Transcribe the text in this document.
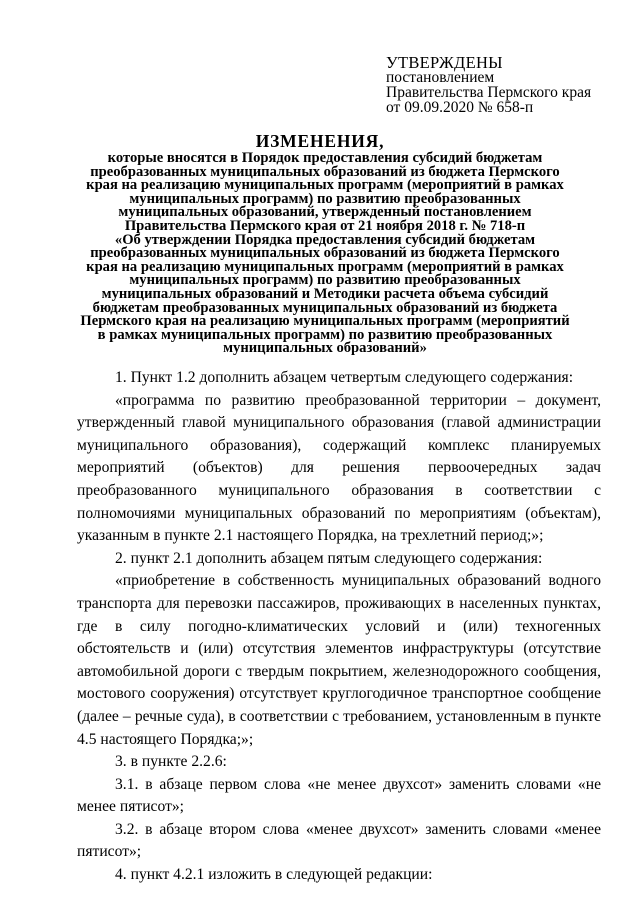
УТВЕРЖДЕНЫ
постановлением
Правительства Пермского края
от 09.09.2020 № 658-п
ИЗМЕНЕНИЯ,
которые вносятся в Порядок предоставления субсидий бюджетам
преобразованных муниципальных образований из бюджета Пермского
края на реализацию муниципальных программ (мероприятий в рамках
муниципальных программ) по развитию преобразованных
муниципальных образований, утвержденный постановлением
Правительства Пермского края от 21 ноября 2018 г. № 718-п
«Об утверждении Порядка предоставления субсидий бюджетам
преобразованных муниципальных образований из бюджета Пермского
края на реализацию муниципальных программ (мероприятий в рамках
муниципальных программ) по развитию преобразованных
муниципальных образований и Методики расчета объема субсидий
бюджетам преобразованных муниципальных образований из бюджета
Пермского края на реализацию муниципальных программ (мероприятий
в рамках муниципальных программ) по развитию преобразованных
муниципальных образований»

1. Пункт 1.2 дополнить абзацем четвертым следующего содержания:

«программа по развитию преобразованной территории – документ, утвержденный главой муниципального образования (главой администрации муниципального образования), содержащий комплекс планируемых мероприятий (объектов) для решения первоочередных задач преобразованного муниципального образования в соответствии с полномочиями муниципальных образований по мероприятиям (объектам), указанным в пункте 2.1 настоящего Порядка, на трехлетний период;»;

2. пункт 2.1 дополнить абзацем пятым следующего содержания:

«приобретение в собственность муниципальных образований водного транспорта для перевозки пассажиров, проживающих в населенных пунктах, где в силу погодно-климатических условий и (или) техногенных обстоятельств и (или) отсутствия элементов инфраструктуры (отсутствие автомобильной дороги с твердым покрытием, железнодорожного сообщения, мостового сооружения) отсутствует круглогодичное транспортное сообщение (далее – речные суда), в соответствии с требованием, установленным в пункте 4.5 настоящего Порядка;»;

3. в пункте 2.2.6:

3.1. в абзаце первом слова «не менее двухсот» заменить словами «не менее пятисот»;

3.2. в абзаце втором слова «менее двухсот» заменить словами «менее пятисот»;

4. пункт 4.2.1 изложить в следующей редакции:
